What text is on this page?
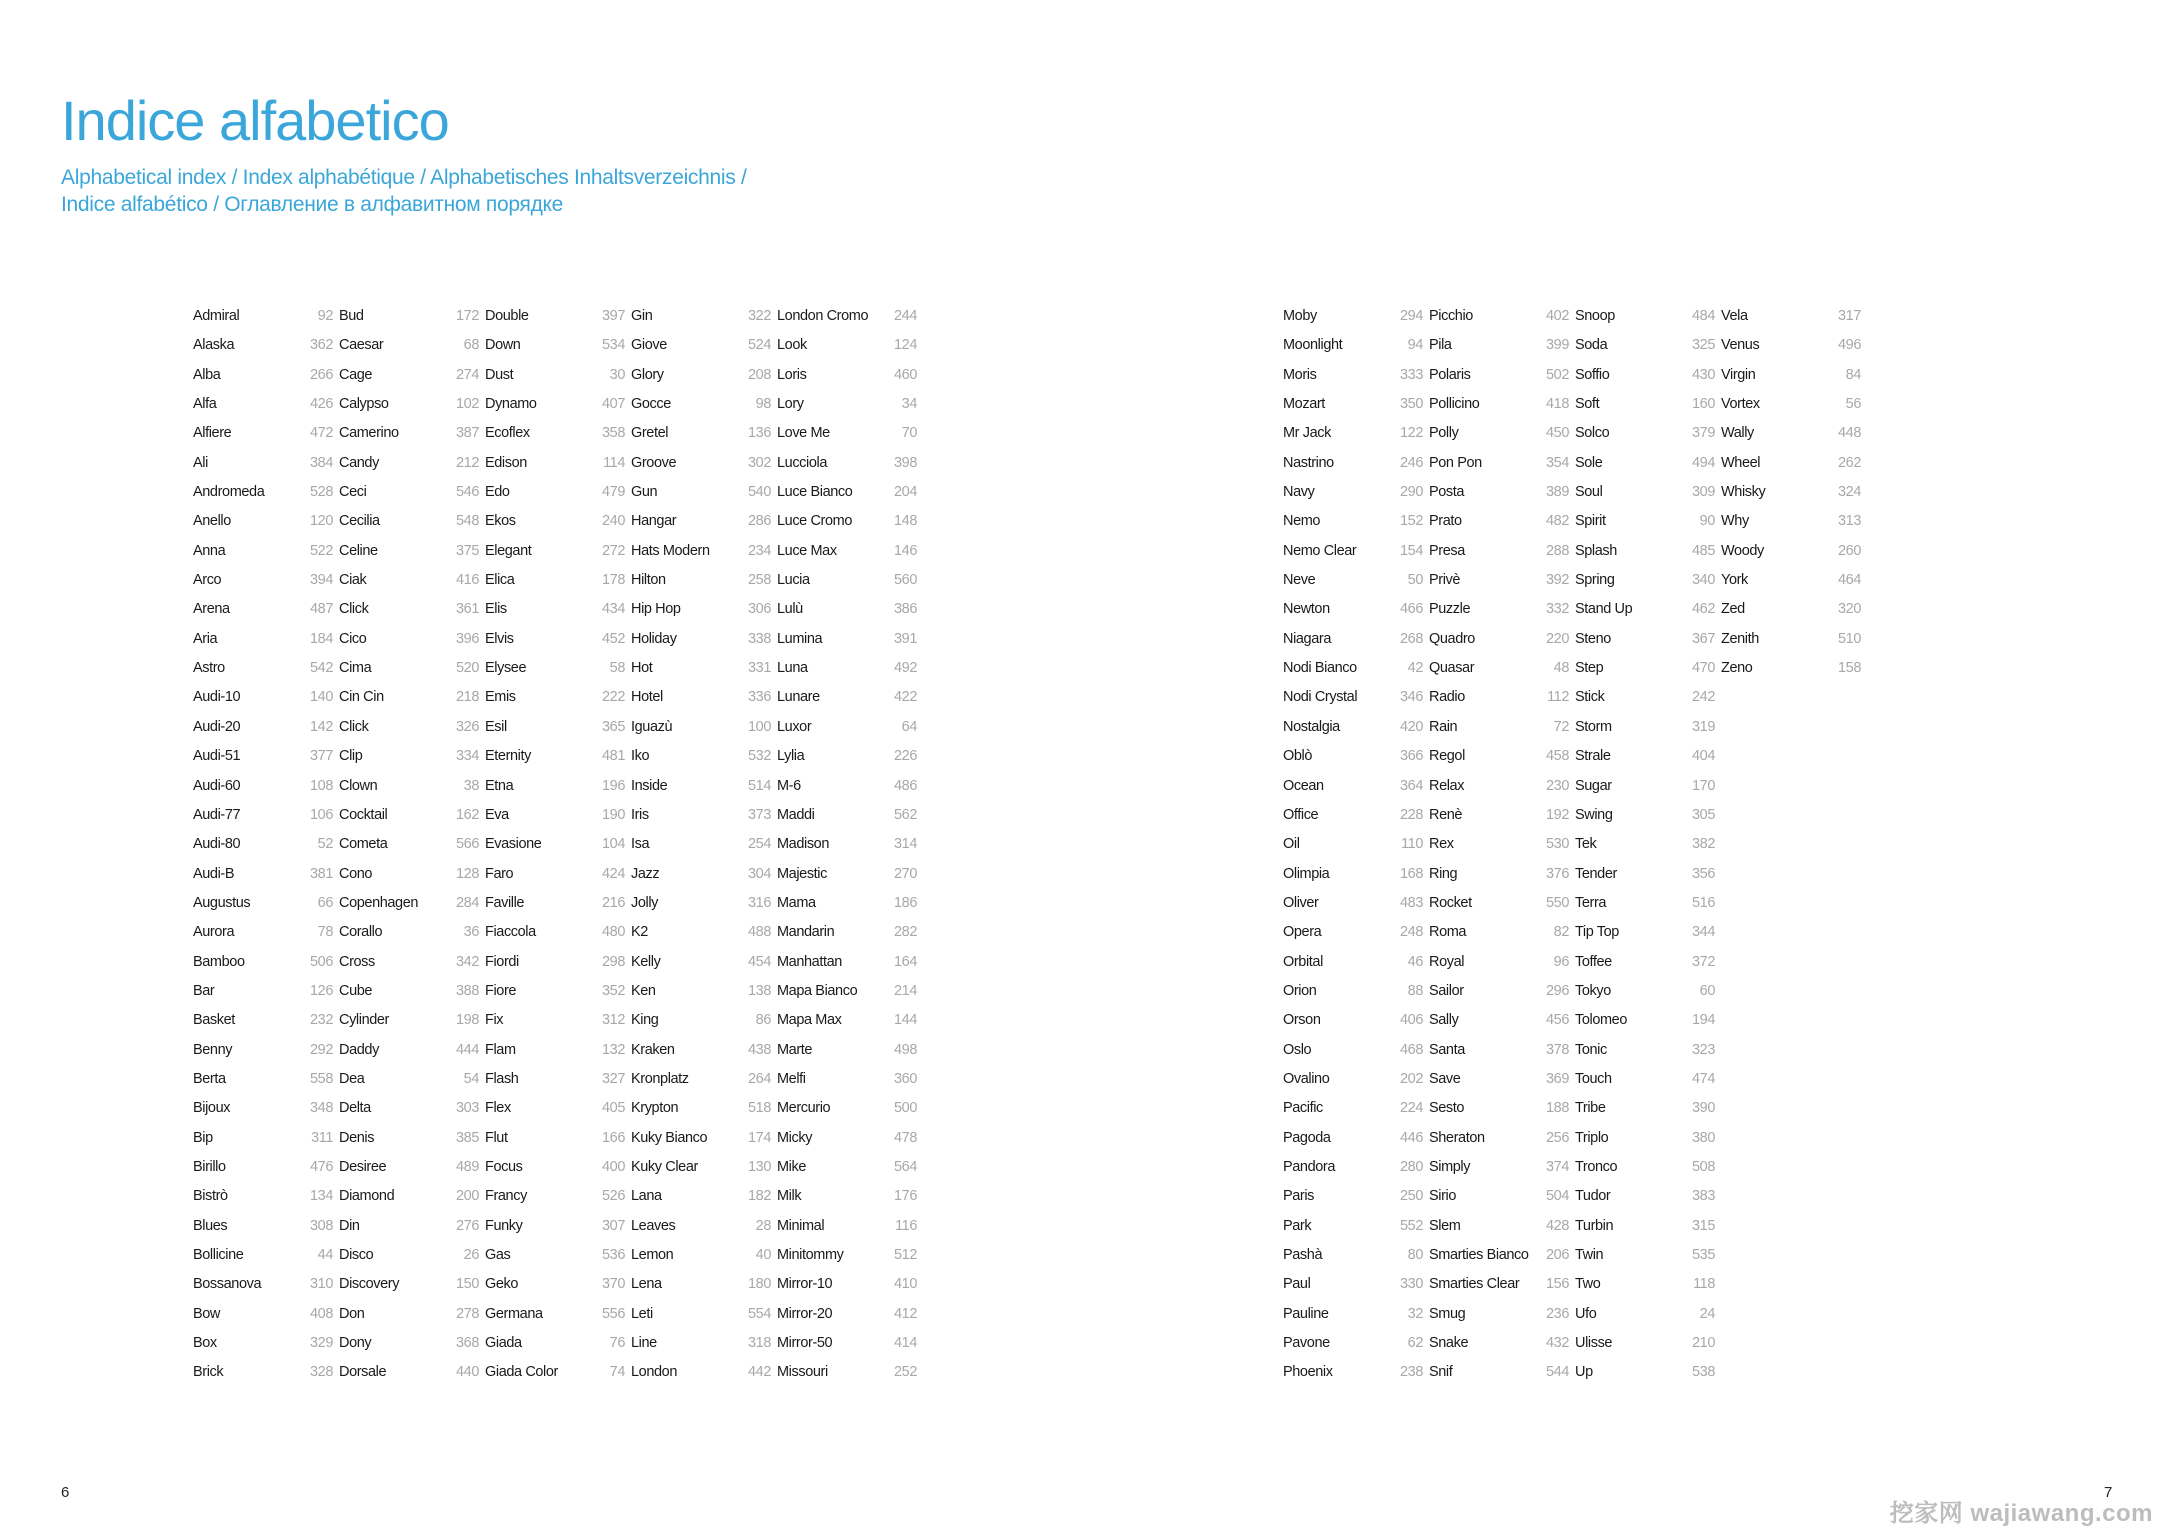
Indice alfabetico

Alphabetical index / Index alphabétique / Alphabetisches Inhaltsverzeichnis /
Indice alfabético / Оглавление в алфавитном порядке

Admiral	92
Alaska	362
Alba	266
Alfa	426
Alfiere	472
Ali	384
Andromeda	528
Anello	120
Anna	522
Arco	394
Arena	487
Aria	184
Astro	542
Audi-10	140
Audi-20	142
Audi-51	377
Audi-60	108
Audi-77	106
Audi-80	52
Audi-B	381
Augustus	66
Aurora	78
Bamboo	506
Bar	126
Basket	232
Benny	292
Berta	558
Bijoux	348
Bip	311
Birillo	476
Bistrò	134
Blues	308
Bollicine	44
Bossanova	310
Bow	408
Box	329
Brick	328
Bud	172
Caesar	68
Cage	274
Calypso	102
Camerino	387
Candy	212
Ceci	546
Cecilia	548
Celine	375
Ciak	416
Click	361
Cico	396
Cima	520
Cin Cin	218
Click	326
Clip	334
Clown	38
Cocktail	162
Cometa	566
Cono	128
Copenhagen	284
Corallo	36
Cross	342
Cube	388
Cylinder	198
Daddy	444
Dea	54
Delta	303
Denis	385
Desiree	489
Diamond	200
Din	276
Disco	26
Discovery	150
Don	278
Dony	368
Dorsale	440
Double	397
Down	534
Dust	30
Dynamo	407
Ecoflex	358
Edison	114
Edo	479
Ekos	240
Elegant	272
Elica	178
Elis	434
Elvis	452
Elysee	58
Emis	222
Esil	365
Eternity	481
Etna	196
Eva	190
Evasione	104
Faro	424
Faville	216
Fiaccola	480
Fiordi	298
Fiore	352
Fix	312
Flam	132
Flash	327
Flex	405
Flut	166
Focus	400
Francy	526
Funky	307
Gas	536
Geko	370
Germana	556
Giada	76
Giada Color	74
Gin	322
Giove	524
Glory	208
Gocce	98
Gretel	136
Groove	302
Gun	540
Hangar	286
Hats Modern	234
Hilton	258
Hip Hop	306
Holiday	338
Hot	331
Hotel	336
Iguazù	100
Iko	532
Inside	514
Iris	373
Isa	254
Jazz	304
Jolly	316
K2	488
Kelly	454
Ken	138
King	86
Kraken	438
Kronplatz	264
Krypton	518
Kuky Bianco	174
Kuky Clear	130
Lana	182
Leaves	28
Lemon	40
Lena	180
Leti	554
Line	318
London	442
London Cromo 244
Look	124
Loris	460
Lory	34
Love Me	70
Lucciola	398
Luce Bianco	204
Luce Cromo	148
Luce Max	146
Lucia	560
Lulù	386
Lumina	391
Luna	492
Lunare	422
Luxor	64
Lylia	226
M-6	486
Maddi	562
Madison	314
Majestic	270
Mama	186
Mandarin	282
Manhattan	164
Mapa Bianco	214
Mapa Max	144
Marte	498
Melfi	360
Mercurio	500
Micky	478
Mike	564
Milk	176
Minimal	116
Minitommy	512
Mirror-10	410
Mirror-20	412
Mirror-50	414
Missouri	252
Moby	294
Moonlight	94
Moris	333
Mozart	350
Mr Jack	122
Nastrino	246
Navy	290
Nemo	152
Nemo Clear	154
Neve	50
Newton	466
Niagara	268
Nodi Bianco	42
Nodi Crystal	346
Nostalgia	420
Oblò	366
Ocean	364
Office	228
Oil	110
Olimpia	168
Oliver	483
Opera	248
Orbital	46
Orion	88
Orson	406
Oslo	468
Ovalino	202
Pacific	224
Pagoda	446
Pandora	280
Paris	250
Park	552
Pashà	80
Paul	330
Pauline	32
Pavone	62
Phoenix	238
Picchio	402
Pila	399
Polaris	502
Pollicino	418
Polly	450
Pon Pon	354
Posta	389
Prato	482
Presa	288
Privè	392
Puzzle	332
Quadro	220
Quasar	48
Radio	112
Rain	72
Regol	458
Relax	230
Renè	192
Rex	530
Ring	376
Rocket	550
Roma	82
Royal	96
Sailor	296
Sally	456
Santa	378
Save	369
Sesto	188
Sheraton	256
Simply	374
Sirio	504
Slem	428
Smarties Bianco 206
Smarties Clear 156
Smug	236
Snake	432
Snif	544
Snoop	484
Soda	325
Soffio	430
Soft	160
Solco	379
Sole	494
Soul	309
Spirit	90
Splash	485
Spring	340
Stand Up	462
Steno	367
Step	470
Stick	242
Storm	319
Strale	404
Sugar	170
Swing	305
Tek	382
Tender	356
Terra	516
Tip Top	344
Toffee	372
Tokyo	60
Tolomeo	194
Tonic	323
Touch	474
Tribe	390
Triplo	380
Tronco	508
Tudor	383
Turbin	315
Twin	535
Two	118
Ufo	24
Ulisse	210
Up	538
Vela	317
Venus	496
Virgin	84
Vortex	56
Wally	448
Wheel	262
Whisky	324
Why	313
Woody	260
York	464
Zed	320
Zenith	510
Zeno	158
6	7
挖家网 wajiawang.com
